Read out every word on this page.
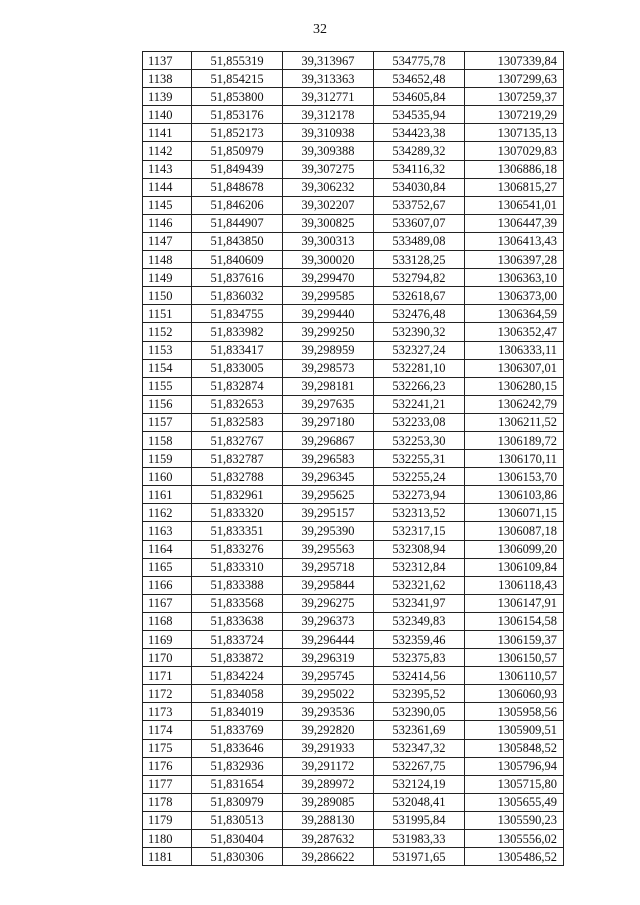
32
1137	51,855319	39,313967	534775,78	1307339,84
1138	51,854215	39,313363	534652,48	1307299,63
1139	51,853800	39,312771	534605,84	1307259,37
1140	51,853176	39,312178	534535,94	1307219,29
1141	51,852173	39,310938	534423,38	1307135,13
1142	51,850979	39,309388	534289,32	1307029,83
1143	51,849439	39,307275	534116,32	1306886,18
1144	51,848678	39,306232	534030,84	1306815,27
1145	51,846206	39,302207	533752,67	1306541,01
1146	51,844907	39,300825	533607,07	1306447,39
1147	51,843850	39,300313	533489,08	1306413,43
1148	51,840609	39,300020	533128,25	1306397,28
1149	51,837616	39,299470	532794,82	1306363,10
1150	51,836032	39,299585	532618,67	1306373,00
1151	51,834755	39,299440	532476,48	1306364,59
1152	51,833982	39,299250	532390,32	1306352,47
1153	51,833417	39,298959	532327,24	1306333,11
1154	51,833005	39,298573	532281,10	1306307,01
1155	51,832874	39,298181	532266,23	1306280,15
1156	51,832653	39,297635	532241,21	1306242,79
1157	51,832583	39,297180	532233,08	1306211,52
1158	51,832767	39,296867	532253,30	1306189,72
1159	51,832787	39,296583	532255,31	1306170,11
1160	51,832788	39,296345	532255,24	1306153,70
1161	51,832961	39,295625	532273,94	1306103,86
1162	51,833320	39,295157	532313,52	1306071,15
1163	51,833351	39,295390	532317,15	1306087,18
1164	51,833276	39,295563	532308,94	1306099,20
1165	51,833310	39,295718	532312,84	1306109,84
1166	51,833388	39,295844	532321,62	1306118,43
1167	51,833568	39,296275	532341,97	1306147,91
1168	51,833638	39,296373	532349,83	1306154,58
1169	51,833724	39,296444	532359,46	1306159,37
1170	51,833872	39,296319	532375,83	1306150,57
1171	51,834224	39,295745	532414,56	1306110,57
1172	51,834058	39,295022	532395,52	1306060,93
1173	51,834019	39,293536	532390,05	1305958,56
1174	51,833769	39,292820	532361,69	1305909,51
1175	51,833646	39,291933	532347,32	1305848,52
1176	51,832936	39,291172	532267,75	1305796,94
1177	51,831654	39,289972	532124,19	1305715,80
1178	51,830979	39,289085	532048,41	1305655,49
1179	51,830513	39,288130	531995,84	1305590,23
1180	51,830404	39,287632	531983,33	1305556,02
1181	51,830306	39,286622	531971,65	1305486,52
